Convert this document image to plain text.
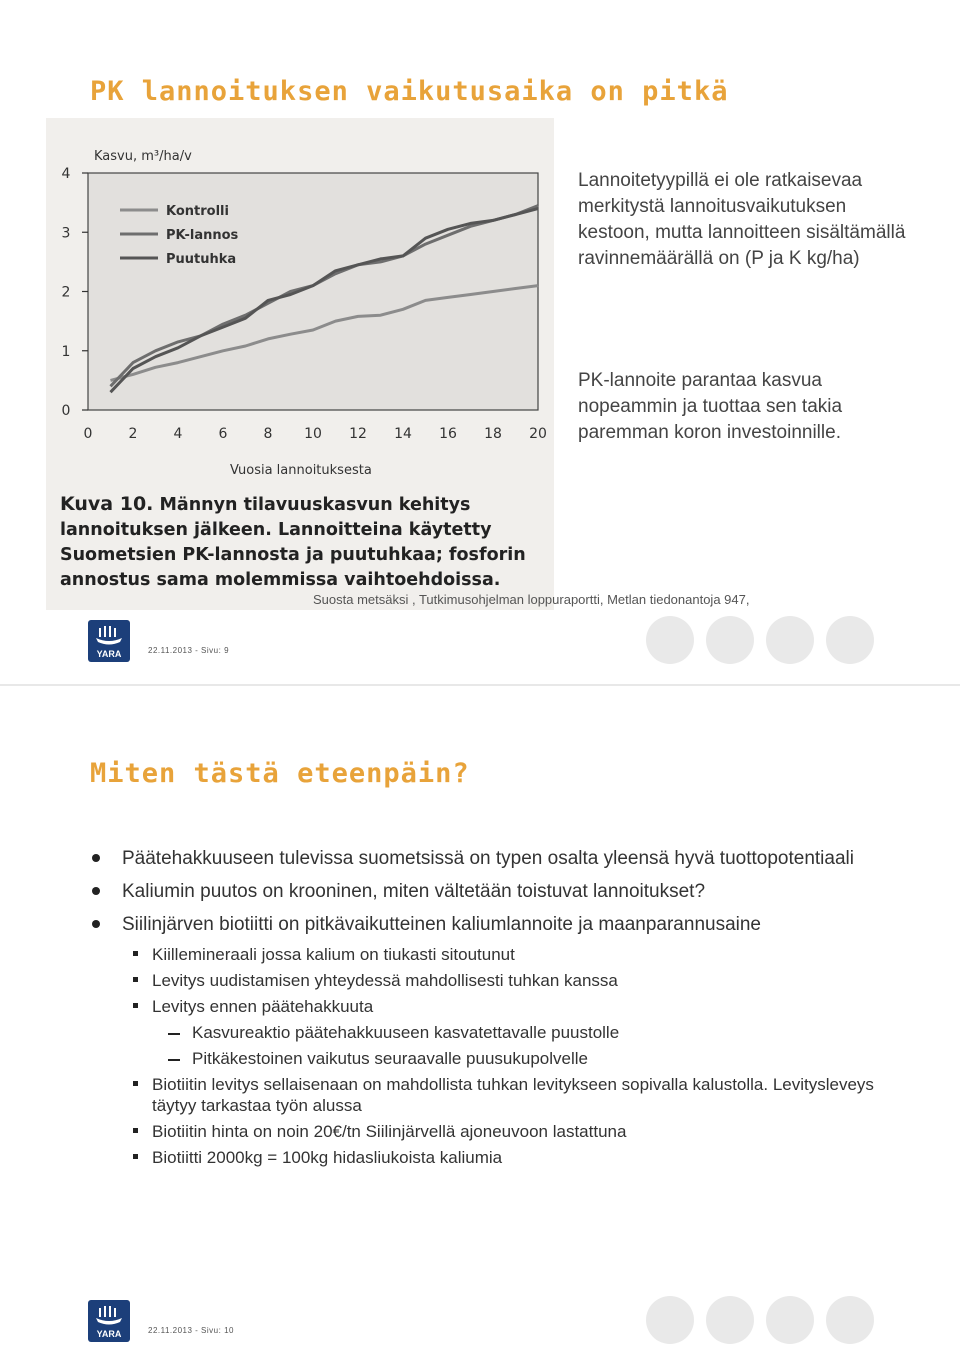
PK lannoituksen vaikutusaika on pitkä
Kasvu, m³/ha/v
0
1
2
3
4
0	2	4	6	8 10 12 14 16 18 20
Kontrolli
PK-lannos
Puutuhka
Vuosia lannoituksesta
Kuva 10. Männyn tilavuuskasvun kehitys lannoituksen jälkeen. Lannoitteina käytetty Suometsien PK-lannosta ja puutuhkaa; fosforin annostus sama molemmissa vaihtoehdoissa.
Lannoitetyypillä ei ole ratkaisevaa merkitystä lannoitusvaikutuksen kestoon, mutta lannoitteen sisältämällä ravinnemäärällä on (P ja K kg/ha)
PK-lannoite parantaa kasvua nopeammin ja tuottaa sen takia paremman koron investoinnille.
Suosta metsäksi , Tutkimusohjelman loppuraportti, Metlan tiedonantoja 947,
YARA	22.11.2013 - Sivu: 9
Miten tästä eteenpäin?
Päätehakkuuseen tulevissa suometsissä on typen osalta yleensä hyvä tuottopotentiaali
Kaliumin puutos on krooninen, miten vältetään toistuvat lannoitukset?
Siilinjärven biotiitti on pitkävaikutteinen kaliumlannoite ja maanparannusaine
Kiillemineraali jossa kalium on tiukasti sitoutunut
Levitys uudistamisen yhteydessä mahdollisesti tuhkan kanssa
Levitys ennen päätehakkuuta
Kasvureaktio päätehakkuuseen kasvatettavalle puustolle
Pitkäkestoinen vaikutus seuraavalle puusukupolvelle
Biotiitin levitys sellaisenaan on mahdollista tuhkan levitykseen sopivalla kalustolla. Levitysleveys täytyy tarkastaa työn alussa
Biotiitin hinta on noin 20€/tn Siilinjärvellä ajoneuvoon lastattuna
Biotiitti 2000kg = 100kg hidasliukoista kaliumia
YARA	22.11.2013 - Sivu: 10
